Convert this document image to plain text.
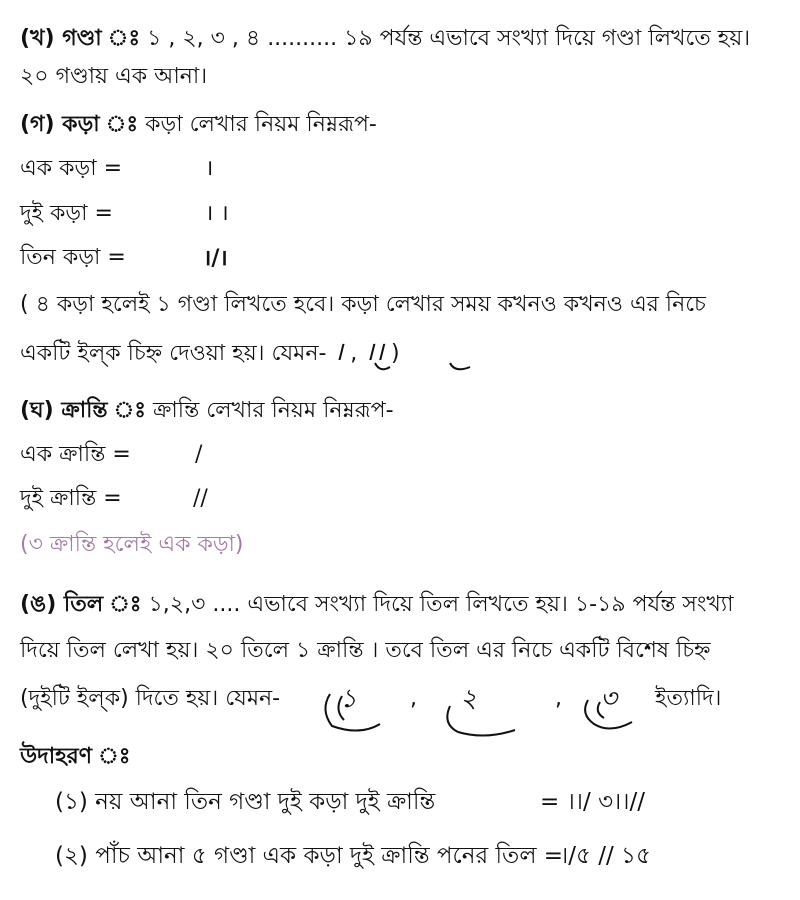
(খ) গণ্ডা ঃ ১ , ২, ৩ , ৪ .......... ১৯ পর্যন্ত এভাবে সংখ্যা দিয়ে গণ্ডা লিখতে হয়।
২০ গণ্ডায় এক আনা।
(গ) কড়া ঃ কড়া লেখার নিয়ম নিম্নরূপ-
এক কড়া =	।
দুই কড়া =	। ।
তিন কড়া =	।/।
( ৪ কড়া হলেই ১ গণ্ডা লিখতে হবে। কড়া লেখার সময় কখনও কখনও এর নিচে
একটি ইল্‌ক চিহ্ন দেওয়া হয়। যেমন- । , ।। )
(ঘ) ক্রান্তি ঃ ক্রান্তি লেখার নিয়ম নিম্নরূপ-
এক ক্রান্তি =	/
দুই ক্রান্তি =	//
(৩ ক্রান্তি হলেই এক কড়া)
(ঙ) তিল ঃ ১,২,৩ .... এভাবে সংখ্যা দিয়ে তিল লিখতে হয়। ১-১৯ পর্যন্ত সংখ্যা
দিয়ে তিল লেখা হয়। ২০ তিলে ১ ক্রান্তি । তবে তিল এর নিচে একটি বিশেষ চিহ্ন
(দুইটি ইল্‌ক) দিতে হয়। যেমন- ১ , ২	, ৩ ইত্যাদি।
উদাহরণ ঃ
(১) নয় আনা তিন গণ্ডা দুই কড়া দুই ক্রান্তি	= ।।/ ৩।।//
(২) পাঁচ আনা ৫ গণ্ডা এক কড়া দুই ক্রান্তি পনের তিল =
।/৫ // ১৫
